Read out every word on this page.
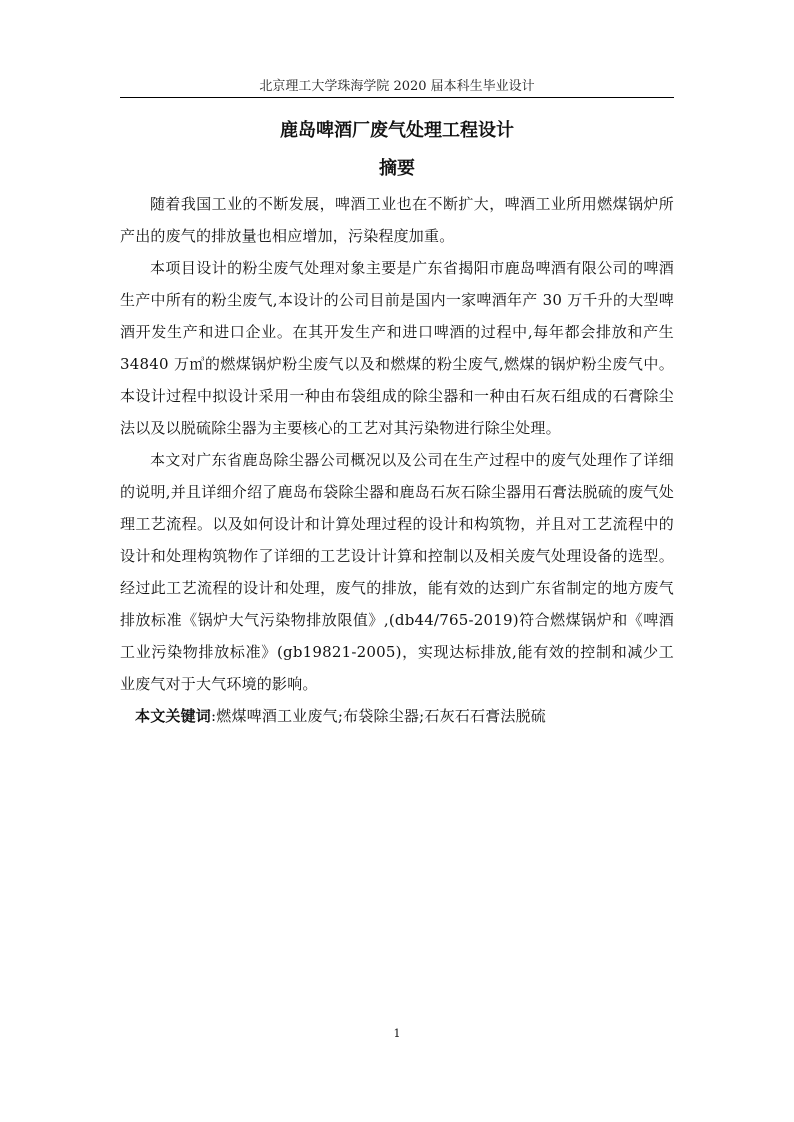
北京理工大学珠海学院 2020 届本科生毕业设计
鹿岛啤酒厂废气处理工程设计
摘要

随着我国工业的不断发展，啤酒工业也在不断扩大，啤酒工业所用燃煤锅炉所产出的废气的排放量也相应增加，污染程度加重。

本项目设计的粉尘废气处理对象主要是广东省揭阳市鹿岛啤酒有限公司的啤酒生产中所有的粉尘废气,本设计的公司目前是国内一家啤酒年产 30 万千升的大型啤酒开发生产和进口企业。在其开发生产和进口啤酒的过程中,每年都会排放和产生 34840 万㎥的燃煤锅炉粉尘废气以及和燃煤的粉尘废气,燃煤的锅炉粉尘废气中。本设计过程中拟设计采用一种由布袋组成的除尘器和一种由石灰石组成的石膏除尘法以及以脱硫除尘器为主要核心的工艺对其污染物进行除尘处理。

本文对广东省鹿岛除尘器公司概况以及公司在生产过程中的废气处理作了详细的说明,并且详细介绍了鹿岛布袋除尘器和鹿岛石灰石除尘器用石膏法脱硫的废气处理工艺流程。以及如何设计和计算处理过程的设计和构筑物，并且对工艺流程中的设计和处理构筑物作了详细的工艺设计计算和控制以及相关废气处理设备的选型。经过此工艺流程的设计和处理，废气的排放，能有效的达到广东省制定的地方废气排放标准《锅炉大气污染物排放限值》,(db44/765-2019)符合燃煤锅炉和《啤酒工业污染物排放标准》(gb19821-2005)，实现达标排放,能有效的控制和减少工业废气对于大气环境的影响。

本文关键词:燃煤啤酒工业废气;布袋除尘器;石灰石石膏法脱硫

1
